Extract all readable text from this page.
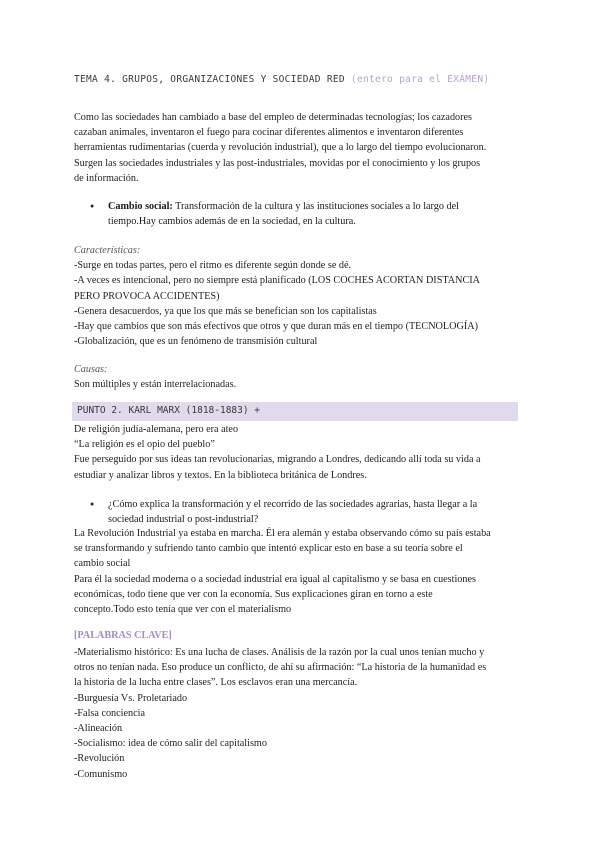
TEMA 4. GRUPOS, ORGANIZACIONES Y SOCIEDAD RED (entero para el EXÁMEN)
Como las sociedades han cambiado a base del empleo de determinadas tecnologías; los cazadores
cazaban animales, inventaron el fuego para cocinar diferentes alimentos e inventaron diferentes
herramientas rudimentarias (cuerda y revolución industrial), que a lo largo del tiempo evolucionaron.
Surgen las sociedades industriales y las post-industriales, movidas por el conocimiento y los grupos
de información.
● Cambio social: Transformación de la cultura y las instituciones sociales a lo largo del
tiempo.Hay cambios además de en la sociedad, en la cultura.
Características:
-Surge en todas partes, pero el ritmo es diferente según donde se dé.
-A veces es intencional, pero no siempre está planificado (LOS COCHES ACORTAN DISTANCIA
PERO PROVOCA ACCIDENTES)
-Genera desacuerdos, ya que los que más se benefician son los capitalistas
-Hay que cambios que son más efectivos que otros y que duran más en el tiempo (TECNOLOGÍA)
-Globalización, que es un fenómeno de transmisión cultural
Causas:
Son múltiples y están interrelacionadas.
PUNTO 2. KARL MARX (1818-1883) +
De religión judía-alemana, pero era ateo
“La religión es el opio del pueblo”
Fue perseguido por sus ideas tan revolucionarias, migrando a Londres, dedicando allí toda su vida a
estudiar y analizar libros y textos. En la biblioteca británica de Londres.
● ¿Cómo explica la transformación y el recorrido de las sociedades agrarias, hasta llegar a la
sociedad industrial o post-industrial?
La Revolución Industrial ya estaba en marcha. Él era alemán y estaba observando cómo su país estaba
se transformando y sufriendo tanto cambio que intentó explicar esto en base a su teoría sobre el
cambio social
Para él la sociedad moderna o a sociedad industrial era igual al capitalismo y se basa en cuestiones
económicas, todo tiene que ver con la economía. Sus explicaciones giran en torno a este
concepto.Todo esto tenía que ver con el materialismo
[PALABRAS CLAVE]
-Materialismo histórico: Es una lucha de clases. Análisis de la razón por la cual unos tenían mucho y
otros no tenían nada. Eso produce un conflicto, de ahí su afirmación: “La historia de la humanidad es
la historia de la lucha entre clases”. Los esclavos eran una mercancía.
-Burguesía Vs. Proletariado
-Falsa conciencia
-Alineación
-Socialismo: idea de cómo salir del capitalismo
-Revolución
-Comunismo
